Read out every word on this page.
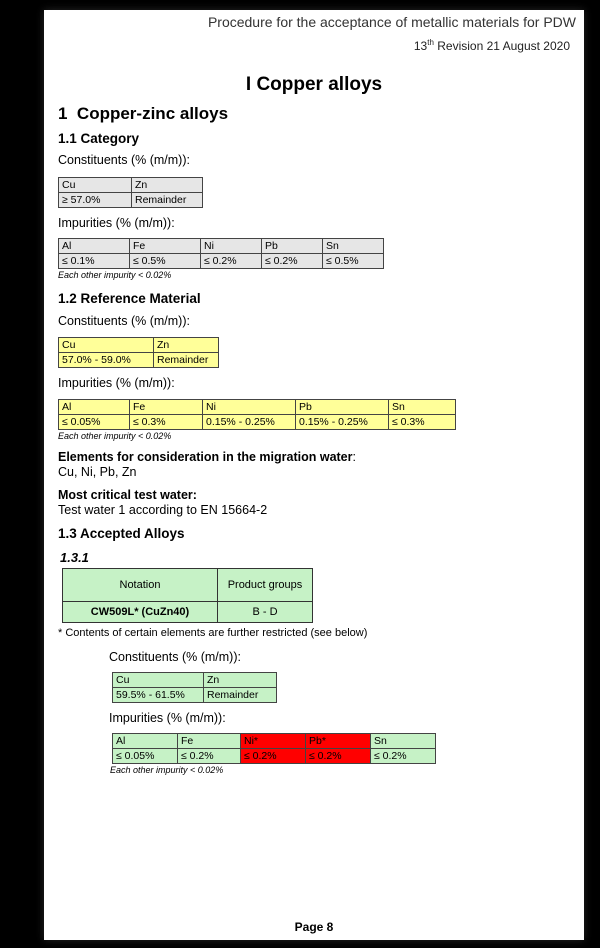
Procedure for the acceptance of metallic materials for PDW
13th Revision 21 August 2020
I Copper alloys
1 Copper-zinc alloys
1.1 Category
Constituents (% (m/m)):
Cu	Zn
≥ 57.0%	Remainder
Impurities (% (m/m)):
Al	Fe	Ni	Pb	Sn
≤ 0.1%	≤ 0.5%	≤ 0.2%	≤ 0.2%	≤ 0.5%
Each other impurity < 0.02%
1.2 Reference Material
Constituents (% (m/m)):
Cu	Zn
57.0% - 59.0%	Remainder
Impurities (% (m/m)):
Al	Fe	Ni	Pb	Sn
≤ 0.05%	≤ 0.3%	0.15% - 0.25%	0.15% - 0.25%	≤ 0.3%
Each other impurity < 0.02%
Elements for consideration in the migration water:
Cu, Ni, Pb, Zn
Most critical test water:
Test water 1 according to EN 15664-2
1.3 Accepted Alloys
1.3.1
Notation	Product groups
CW509L* (CuZn40)	B - D
* Contents of certain elements are further restricted (see below)
Constituents (% (m/m)):
Cu	Zn
59.5% - 61.5%	Remainder
Impurities (% (m/m)):
Al	Fe	Ni*	Pb*	Sn
≤ 0.05%	≤ 0.2%	≤ 0.2%	≤ 0.2%	≤ 0.2%
Each other impurity < 0.02%
Page 8
